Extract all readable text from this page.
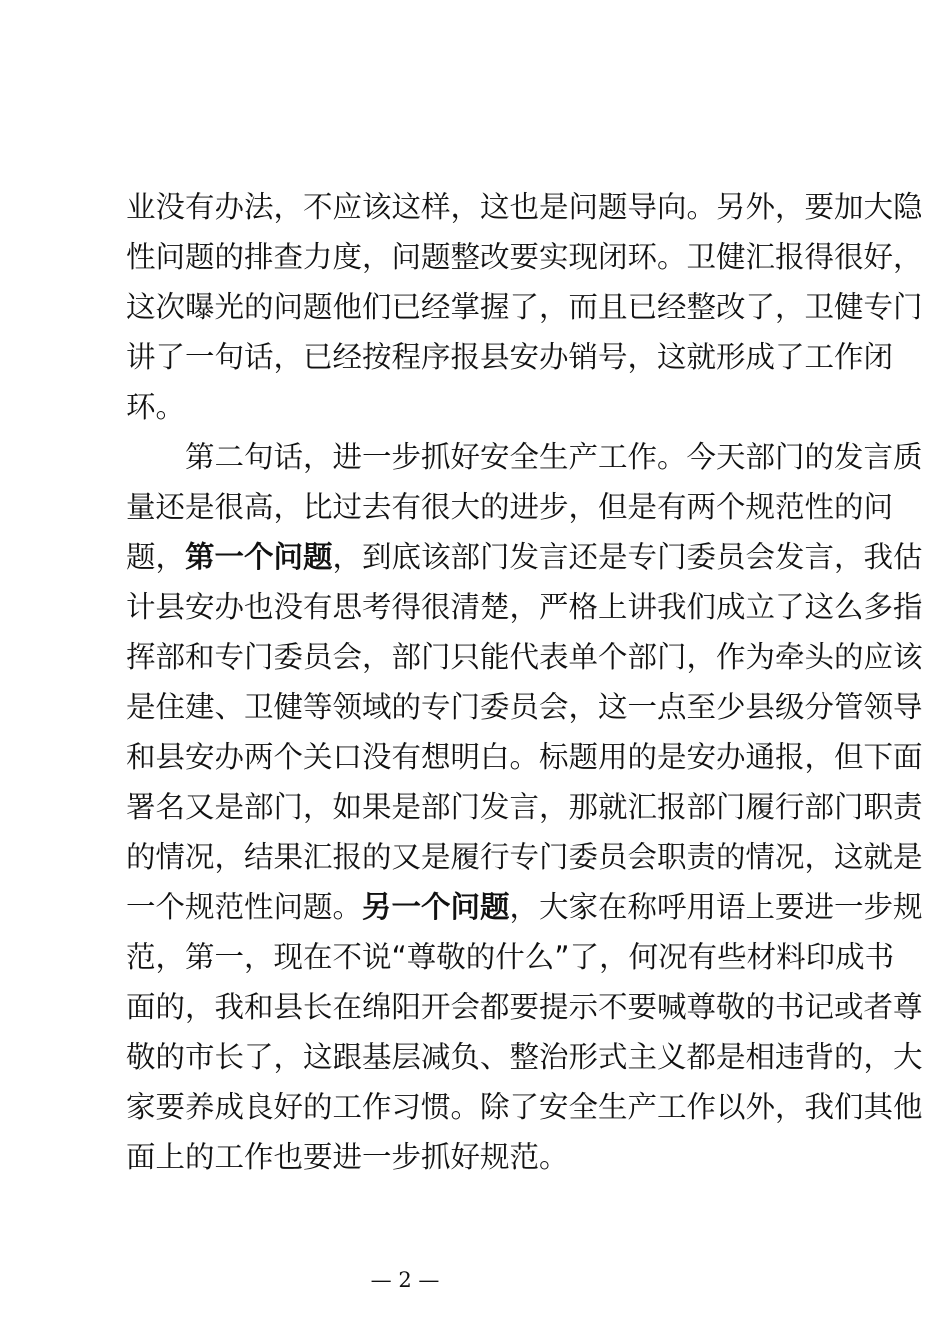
业没有办法，不应该这样，这也是问题导向。另外，要加大隐
性问题的排查力度，问题整改要实现闭环。卫健汇报得很好，
这次曝光的问题他们已经掌握了，而且已经整改了，卫健专门
讲了一句话，已经按程序报县安办销号，这就形成了工作闭
环。
第二句话，进一步抓好安全生产工作。今天部门的发言质
量还是很高，比过去有很大的进步，但是有两个规范性的问
题，第一个问题，到底该部门发言还是专门委员会发言，我估
计县安办也没有思考得很清楚，严格上讲我们成立了这么多指
挥部和专门委员会，部门只能代表单个部门，作为牵头的应该
是住建、卫健等领域的专门委员会，这一点至少县级分管领导
和县安办两个关口没有想明白。标题用的是安办通报，但下面
署名又是部门，如果是部门发言，那就汇报部门履行部门职责
的情况，结果汇报的又是履行专门委员会职责的情况，这就是
一个规范性问题。另一个问题，大家在称呼用语上要进一步规
范，第一，现在不说“尊敬的什么”了，何况有些材料印成书
面的，我和县长在绵阳开会都要提示不要喊尊敬的书记或者尊
敬的市长了，这跟基层减负、整治形式主义都是相违背的，大
家要养成良好的工作习惯。除了安全生产工作以外，我们其他
面上的工作也要进一步抓好规范。
— 2 —
